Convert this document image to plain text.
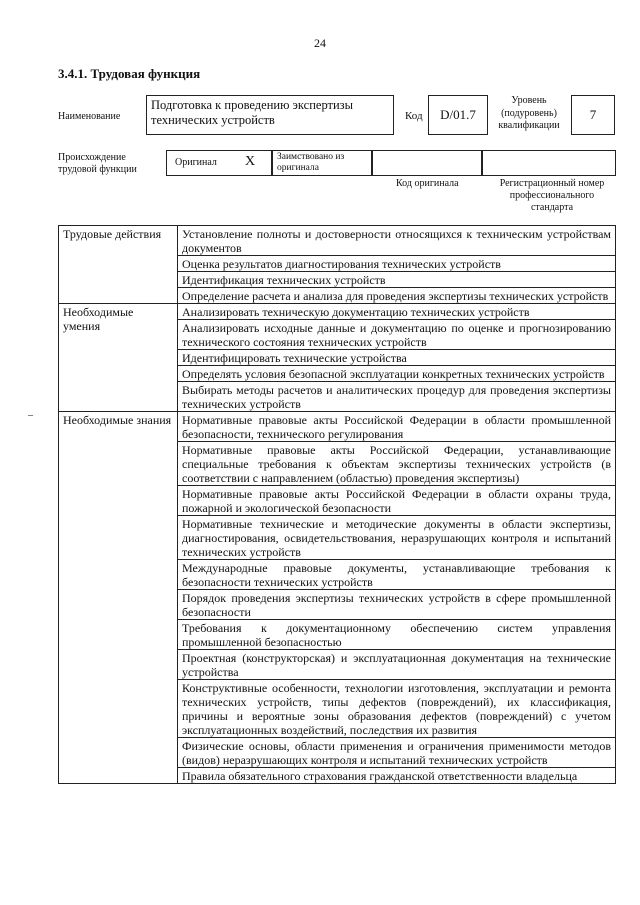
24
3.4.1. Трудовая функция
Наименование
Подготовка к проведению экспертизы технических устройств	Код	D/01.7
Уровень (подуровень) квалификации
7
Происхождение трудовой функции
Оригинал X	Заимствовано из оригинала
Код оригинала	Регистрационный номер профессионального стандарта
–
Трудовые действия	Установление полноты и достоверности относящихся к техническим устройствам документов
	Оценка результатов диагностирования технических устройств
	Идентификация технических устройств
	Определение расчета и анализа для проведения экспертизы технических устройств
Необходимые умения	Анализировать техническую документацию технических устройств
	Анализировать исходные данные и документацию по оценке и прогнозированию технического состояния технических устройств
	Идентифицировать технические устройства
	Определять условия безопасной эксплуатации конкретных технических устройств
	Выбирать методы расчетов и аналитических процедур для проведения экспертизы технических устройств
Необходимые знания	Нормативные правовые акты Российской Федерации в области промышленной безопасности, технического регулирования
	Нормативные правовые акты Российской Федерации, устанавливающие специальные требования к объектам экспертизы технических устройств (в соответствии с направлением (областью) проведения экспертизы)
	Нормативные правовые акты Российской Федерации в области охраны труда, пожарной и экологической безопасности
	Нормативные технические и методические документы в области экспертизы, диагностирования, освидетельствования, неразрушающих контроля и испытаний технических устройств
	Международные правовые документы, устанавливающие требования к безопасности технических устройств
	Порядок проведения экспертизы технических устройств в сфере промышленной безопасности
	Требования к документационному обеспечению систем управления промышленной безопасностью
	Проектная (конструкторская) и эксплуатационная документация на технические устройства
	Конструктивные особенности, технологии изготовления, эксплуатации и ремонта технических устройств, типы дефектов (повреждений), их классификация, причины и вероятные зоны образования дефектов (повреждений) с учетом эксплуатационных воздействий, последствия их развития
	Физические основы, области применения и ограничения применимости методов (видов) неразрушающих контроля и испытаний технических устройств
	Правила обязательного страхования гражданской ответственности владельца
